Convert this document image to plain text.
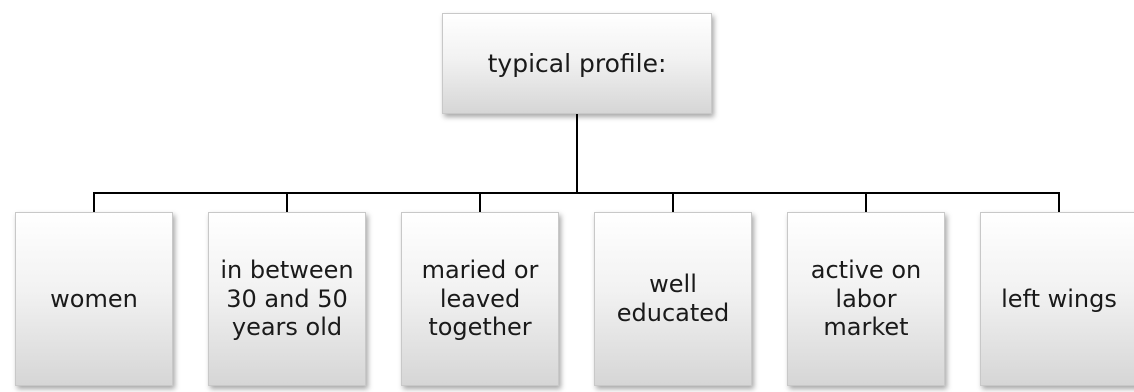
typical profile:
women
in between 30 and 50 years old
maried or leaved together
well educated
active on labor market
left wings
